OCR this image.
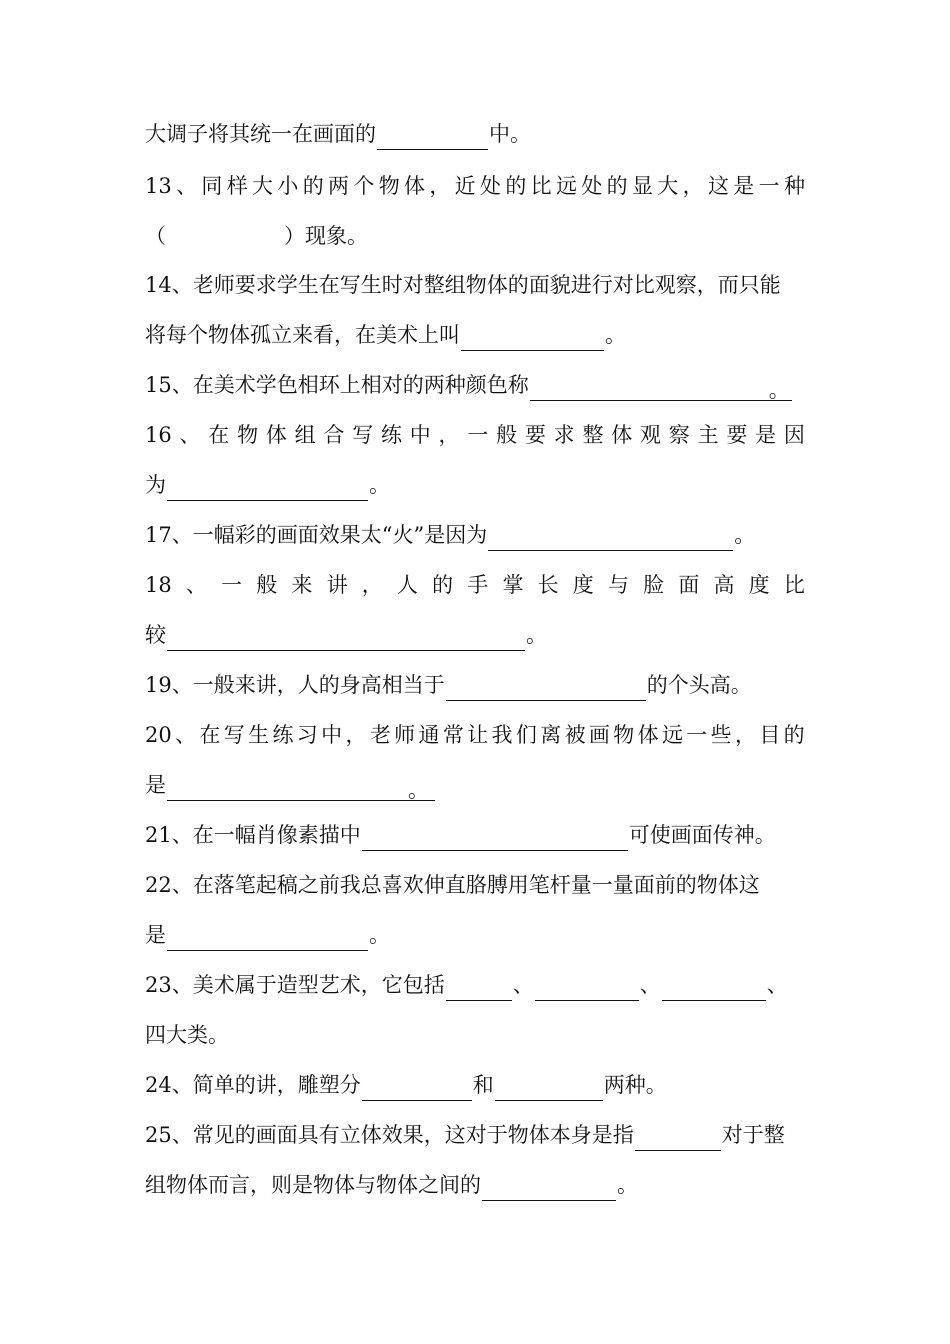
大调子将其统一在画面的	中。
13 、 同 样 大 小 的 两 个 物 体 ， 近 处 的 比 远 处 的 显 大 ， 这 是 一 种
（	）现象。
14、老师要求学生在写生时对整组物体的面貌进行对比观察，而只能
将每个物体孤立来看，在美术上叫	。
15、在美术学色相环上相对的两种颜色称	。
16 、 在 物 体 组 合 写 练 中 ， 一 般 要 求 整 体 观 察 主 要 是 因
为	。
17、一幅彩的画面效果太“火”是因为	。
18 、 一 般 来 讲 ， 人 的 手 掌 长 度 与 脸 面 高 度 比
较	。
19、一般来讲，人的身高相当于	的个头高。
20 、 在 写 生 练 习 中 ， 老 师 通 常 让 我 们 离 被 画 物 体 远 一 些 ， 目 的
是	。
21、在一幅肖像素描中	可使画面传神。
22、在落笔起稿之前我总喜欢伸直胳膊用笔杆量一量面前的物体这
是	。
23、美术属于造型艺术，它包括	、	、	、
四大类。
24、简单的讲，雕塑分	和	两种。
25、常见的画面具有立体效果，这对于物体本身是指	对于整
组物体而言，则是物体与物体之间的	。
